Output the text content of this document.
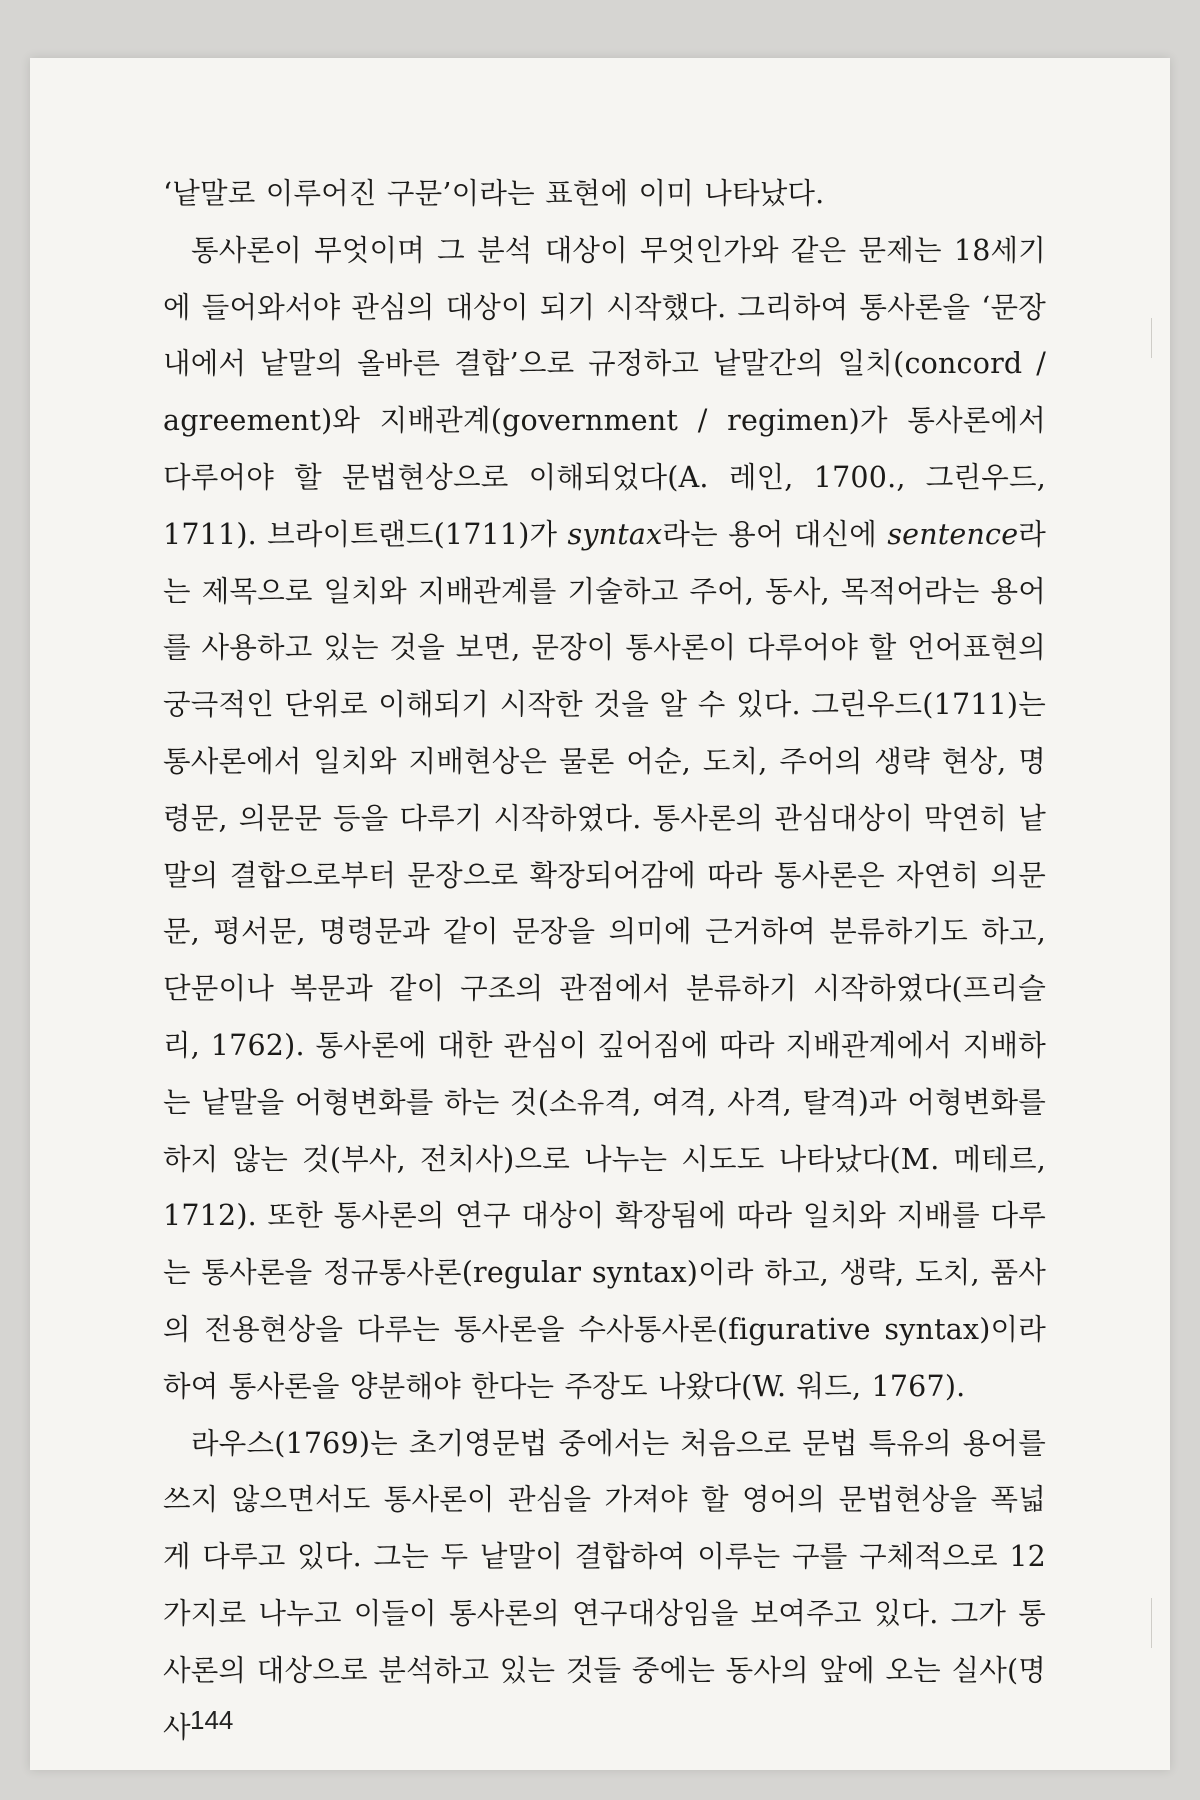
‘낱말로 이루어진 구문’이라는 표현에 이미 나타났다.

통사론이 무엇이며 그 분석 대상이 무엇인가와 같은 문제는 18세기에 들어와서야 관심의 대상이 되기 시작했다. 그리하여 통사론을 ‘문장 내에서 낱말의 올바른 결합’으로 규정하고 낱말간의 일치(concord / agreement)와 지배관계(government / regimen)가 통사론에서 다루어야 할 문법현상으로 이해되었다(A. 레인, 1700., 그린우드, 1711). 브라이트랜드(1711)가 syntax라는 용어 대신에 sentence라는 제목으로 일치와 지배관계를 기술하고 주어, 동사, 목적어라는 용어를 사용하고 있는 것을 보면, 문장이 통사론이 다루어야 할 언어표현의 궁극적인 단위로 이해되기 시작한 것을 알 수 있다. 그린우드(1711)는 통사론에서 일치와 지배현상은 물론 어순, 도치, 주어의 생략 현상, 명령문, 의문문 등을 다루기 시작하였다. 통사론의 관심대상이 막연히 낱말의 결합으로부터 문장으로 확장되어감에 따라 통사론은 자연히 의문문, 평서문, 명령문과 같이 문장을 의미에 근거하여 분류하기도 하고, 단문이나 복문과 같이 구조의 관점에서 분류하기 시작하였다(프리슬리, 1762). 통사론에 대한 관심이 깊어짐에 따라 지배관계에서 지배하는 낱말을 어형변화를 하는 것(소유격, 여격, 사격, 탈격)과 어형변화를 하지 않는 것(부사, 전치사)으로 나누는 시도도 나타났다(M. 메테르, 1712). 또한 통사론의 연구 대상이 확장됨에 따라 일치와 지배를 다루는 통사론을 정규통사론(regular syntax)이라 하고, 생략, 도치, 품사의 전용현상을 다루는 통사론을 수사통사론(figurative syntax)이라 하여 통사론을 양분해야 한다는 주장도 나왔다(W. 워드, 1767).

라우스(1769)는 초기영문법 중에서는 처음으로 문법 특유의 용어를 쓰지 않으면서도 통사론이 관심을 가져야 할 영어의 문법현상을 폭넓게 다루고 있다. 그는 두 낱말이 결합하여 이루는 구를 구체적으로 12가지로 나누고 이들이 통사론의 연구대상임을 보여주고 있다. 그가 통사론의 대상으로 분석하고 있는 것들 중에는 동사의 앞에 오는 실사(명사 144
